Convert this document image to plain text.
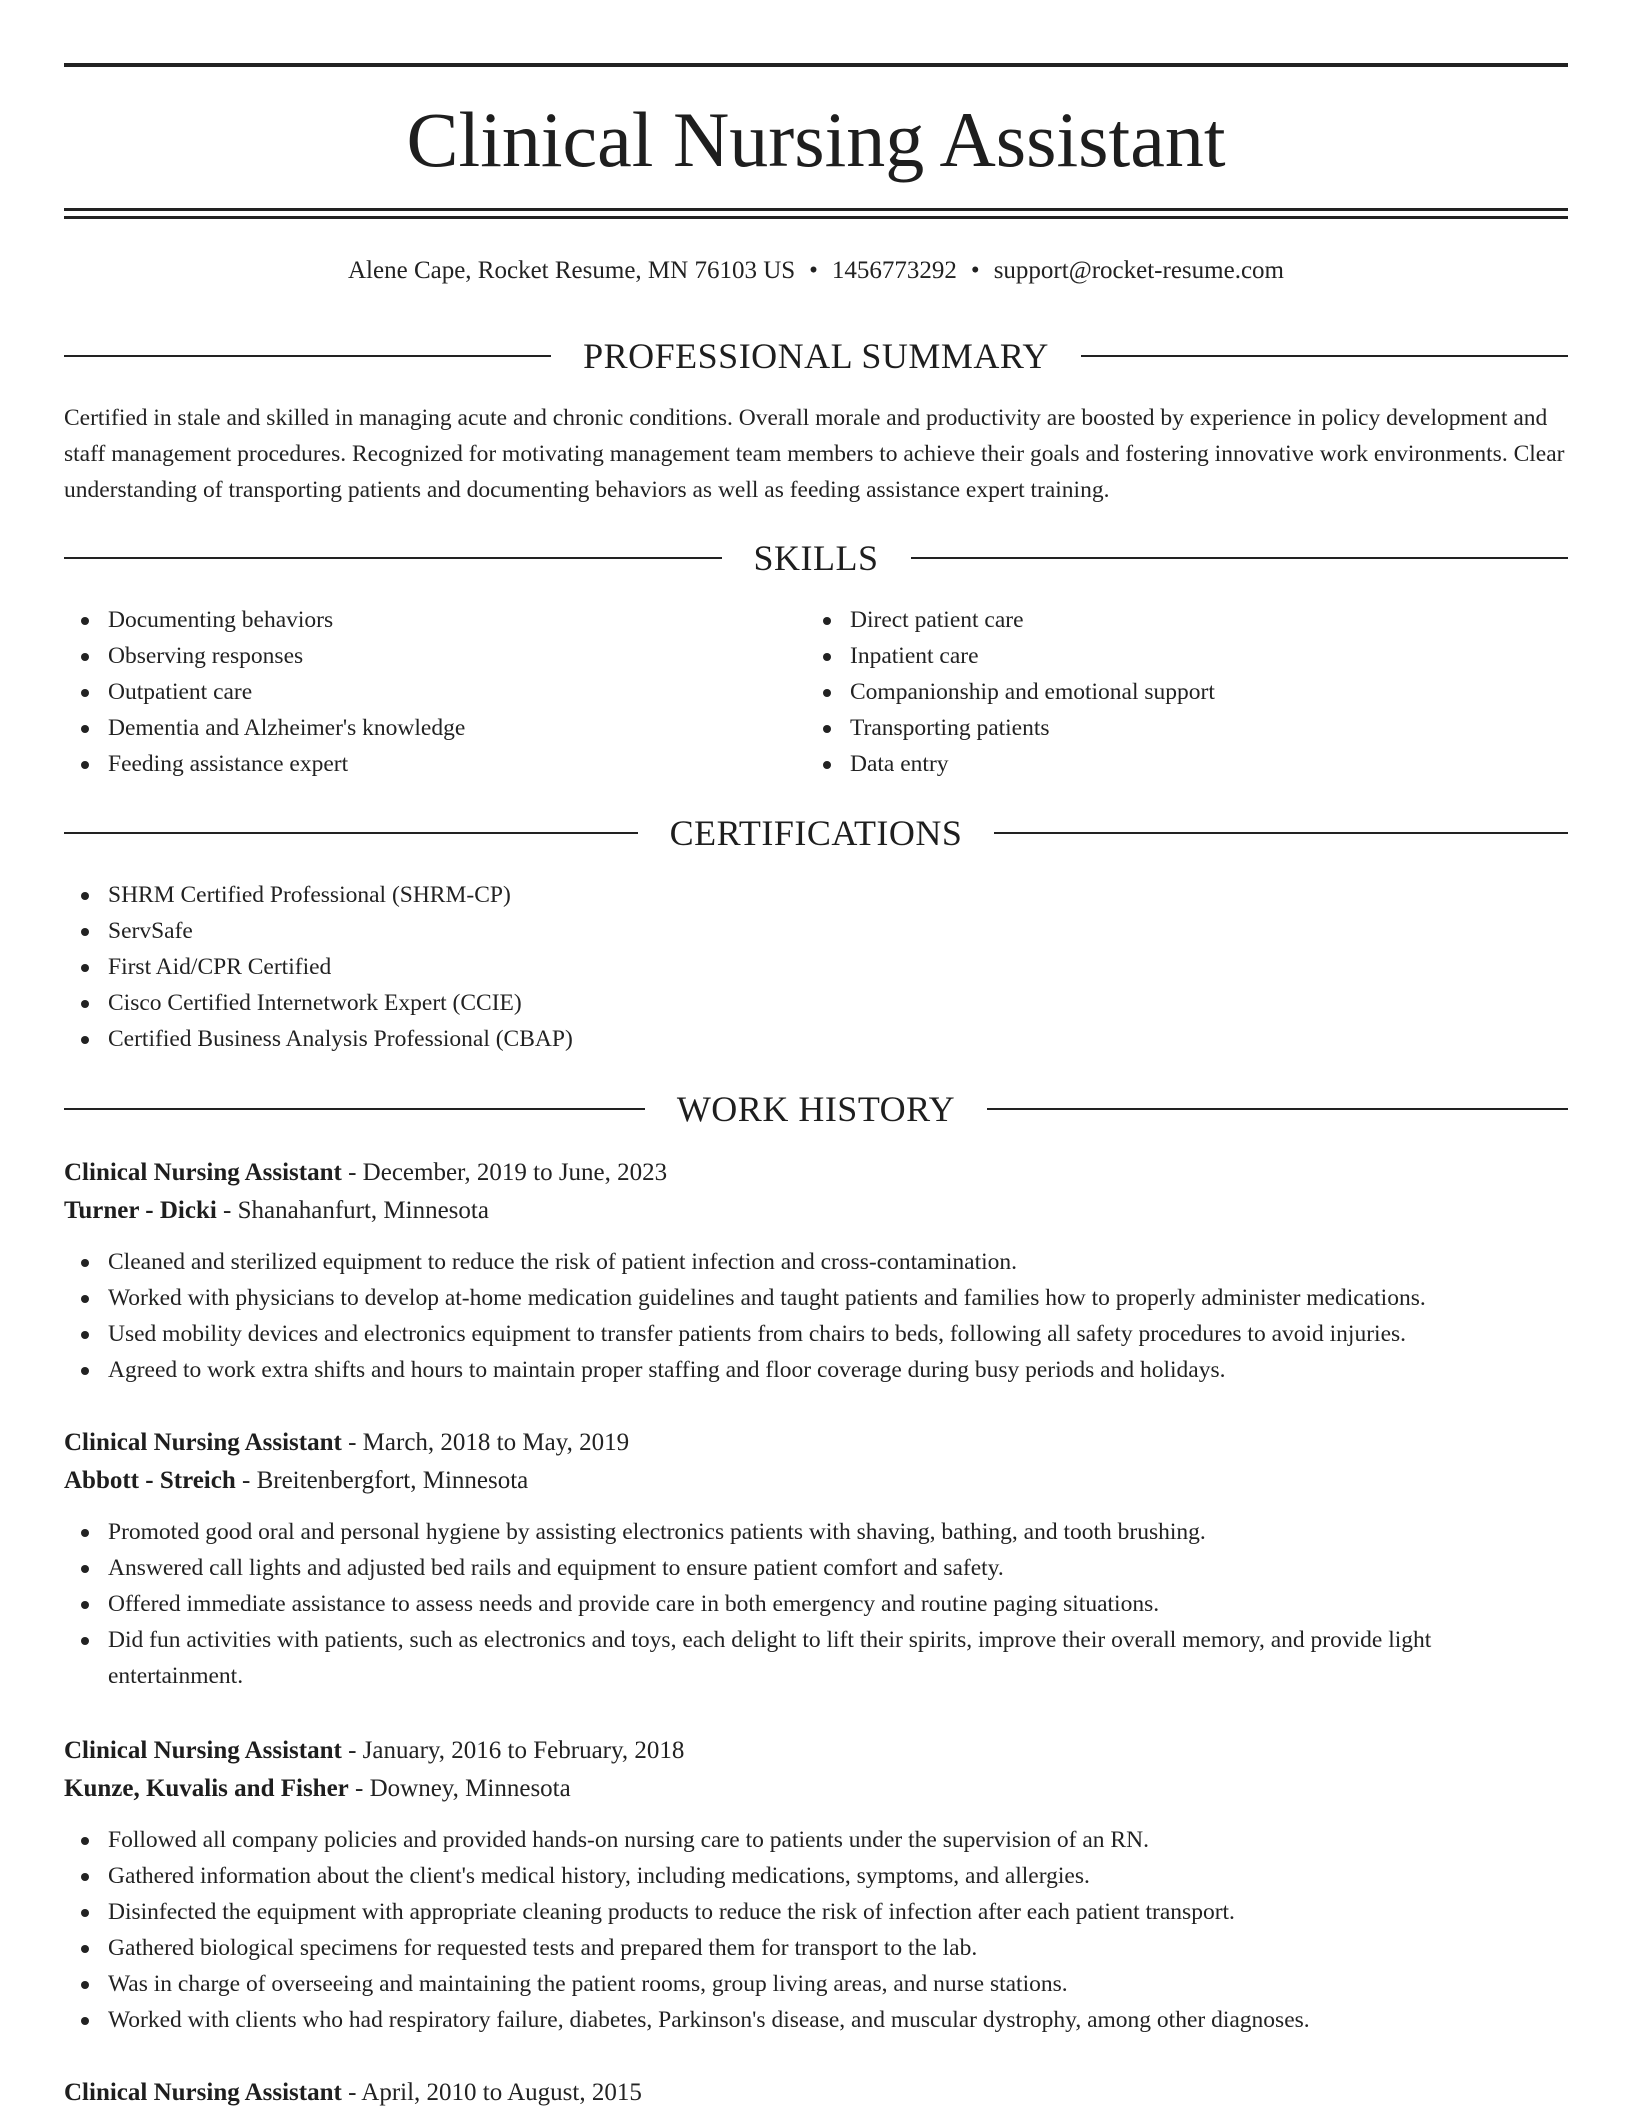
Clinical Nursing Assistant
Alene Cape, Rocket Resume, MN 76103 US • 1456773292 • support@rocket-resume.com
PROFESSIONAL SUMMARY

Certified in stale and skilled in managing acute and chronic conditions. Overall morale and productivity are boosted by experience in policy development and staff management procedures. Recognized for motivating management team members to achieve their goals and fostering innovative work environments. Clear understanding of transporting patients and documenting behaviors as well as feeding assistance expert training.

SKILLS
Documenting behaviors
Observing responses
Outpatient care
Dementia and Alzheimer's knowledge
Feeding assistance expert
Direct patient care
Inpatient care
Companionship and emotional support
Transporting patients
Data entry
CERTIFICATIONS
SHRM Certified Professional (SHRM-CP)
ServSafe
First Aid/CPR Certified
Cisco Certified Internetwork Expert (CCIE)
Certified Business Analysis Professional (CBAP)
WORK HISTORY
Clinical Nursing Assistant - December, 2019 to June, 2023
Turner - Dicki - Shanahanfurt, Minnesota
Cleaned and sterilized equipment to reduce the risk of patient infection and cross-contamination.
Worked with physicians to develop at-home medication guidelines and taught patients and families how to properly administer medications.
Used mobility devices and electronics equipment to transfer patients from chairs to beds, following all safety procedures to avoid injuries.
Agreed to work extra shifts and hours to maintain proper staffing and floor coverage during busy periods and holidays.
Clinical Nursing Assistant - March, 2018 to May, 2019
Abbott - Streich - Breitenbergfort, Minnesota
Promoted good oral and personal hygiene by assisting electronics patients with shaving, bathing, and tooth brushing.
Answered call lights and adjusted bed rails and equipment to ensure patient comfort and safety.
Offered immediate assistance to assess needs and provide care in both emergency and routine paging situations.
Did fun activities with patients, such as electronics and toys, each delight to lift their spirits, improve their overall memory, and provide light entertainment.
Clinical Nursing Assistant - January, 2016 to February, 2018
Kunze, Kuvalis and Fisher - Downey, Minnesota
Followed all company policies and provided hands-on nursing care to patients under the supervision of an RN.
Gathered information about the client's medical history, including medications, symptoms, and allergies.
Disinfected the equipment with appropriate cleaning products to reduce the risk of infection after each patient transport.
Gathered biological specimens for requested tests and prepared them for transport to the lab.
Was in charge of overseeing and maintaining the patient rooms, group living areas, and nurse stations.
Worked with clients who had respiratory failure, diabetes, Parkinson's disease, and muscular dystrophy, among other diagnoses.
Clinical Nursing Assistant - April, 2010 to August, 2015
